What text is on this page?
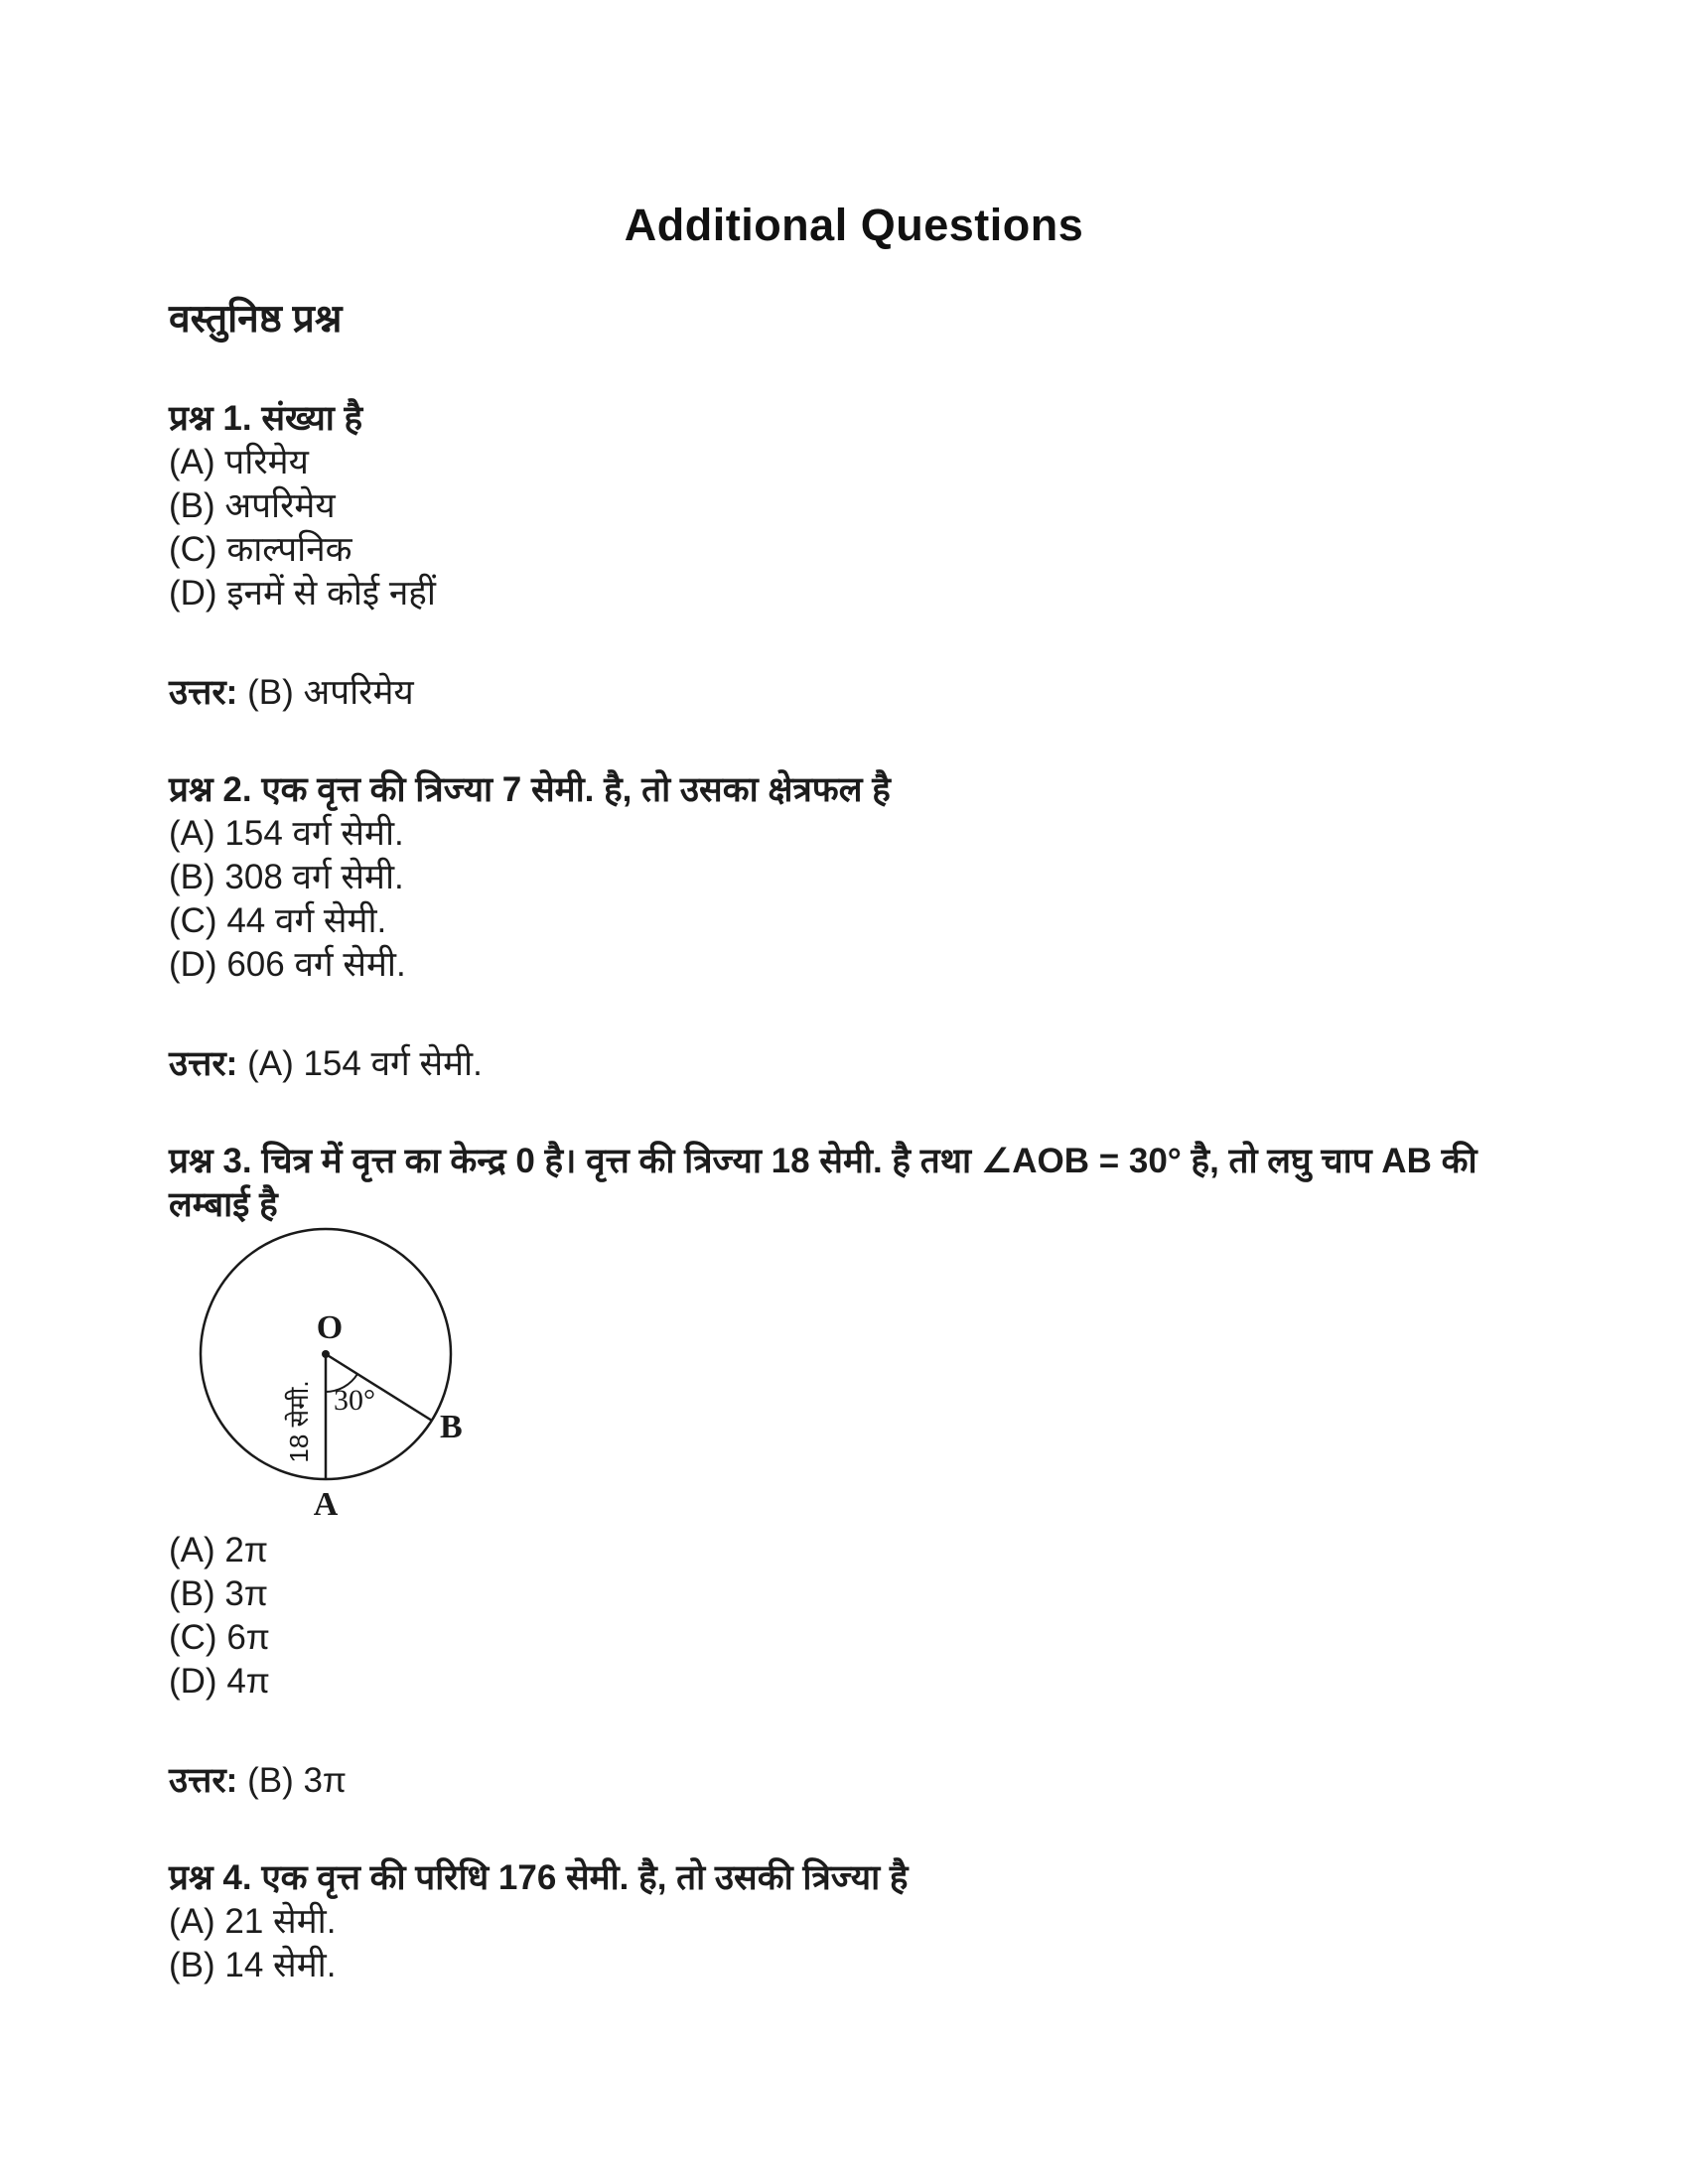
Additional Questions
वस्तुनिष्ठ प्रश्न

प्रश्न 1. संख्या है

(A) परिमेय

(B) अपरिमेय

(C) काल्पनिक

(D) इनमें से कोई नहीं

उत्तर: (B) अपरिमेय

प्रश्न 2. एक वृत्त की त्रिज्या 7 सेमी. है, तो उसका क्षेत्रफल है

(A) 154 वर्ग सेमी.

(B) 308 वर्ग सेमी.

(C) 44 वर्ग सेमी.

(D) 606 वर्ग सेमी.

उत्तर: (A) 154 वर्ग सेमी.

प्रश्न 3. चित्र में वृत्त का केन्द्र 0 है। वृत्त की त्रिज्या 18 सेमी. है तथा ∠AOB = 30° है, तो लघु चाप AB की लम्बाई है

O
A
B
30°
18 सेमी.

(A) 2π

(B) 3π

(C) 6π

(D) 4π

उत्तर: (B) 3π

प्रश्न 4. एक वृत्त की परिधि 176 सेमी. है, तो उसकी त्रिज्या है

(A) 21 सेमी.

(B) 14 सेमी.
